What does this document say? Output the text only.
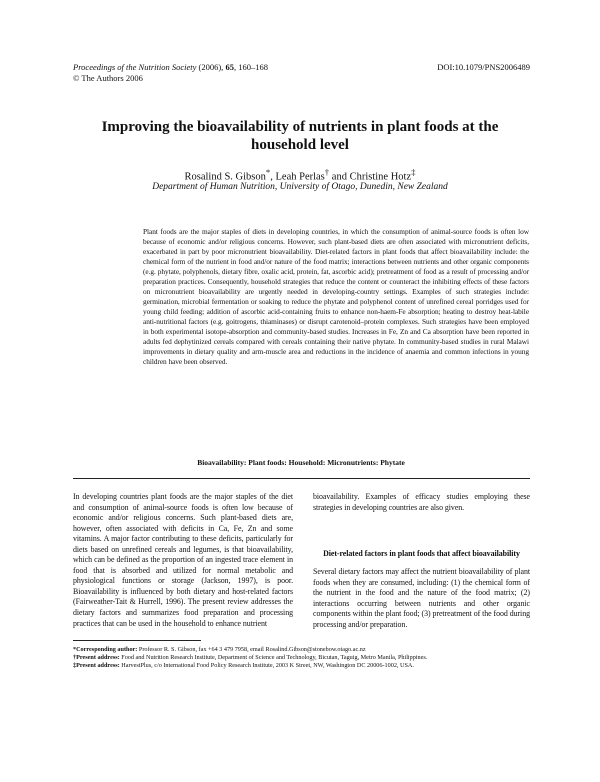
Proceedings of the Nutrition Society (2006), 65, 160–168
© The Authors 2006
DOI:10.1079/PNS2006489
Improving the bioavailability of nutrients in plant foods at the household level
Rosalind S. Gibson*, Leah Perlas† and Christine Hotz‡
Department of Human Nutrition, University of Otago, Dunedin, New Zealand
Plant foods are the major staples of diets in developing countries, in which the consumption of animal-source foods is often low because of economic and/or religious concerns. However, such plant-based diets are often associated with micronutrient deficits, exacerbated in part by poor micronutrient bioavailability. Diet-related factors in plant foods that affect bioavailability include: the chemical form of the nutrient in food and/or nature of the food matrix; interactions between nutrients and other organic components (e.g. phytate, polyphenols, dietary fibre, oxalic acid, protein, fat, ascorbic acid); pretreatment of food as a result of processing and/or preparation practices. Consequently, household strategies that reduce the content or counteract the inhibiting effects of these factors on micronutrient bioavailability are urgently needed in developing-country settings. Examples of such strategies include: germination, microbial fermentation or soaking to reduce the phytate and polyphenol content of unrefined cereal porridges used for young child feeding; addition of ascorbic acid-containing fruits to enhance non-haem-Fe absorption; heating to destroy heat-labile anti-nutritional factors (e.g. goitrogens, thiaminases) or disrupt carotenoid–protein complexes. Such strategies have been employed in both experimental isotope-absorption and community-based studies. Increases in Fe, Zn and Ca absorption have been reported in adults fed dephytinized cereals compared with cereals containing their native phytate. In community-based studies in rural Malawi improvements in dietary quality and arm-muscle area and reductions in the incidence of anaemia and common infections in young children have been observed.
Bioavailability: Plant foods: Household: Micronutrients: Phytate

In developing countries plant foods are the major staples of the diet and consumption of animal-source foods is often low because of economic and/or religious concerns. Such plant-based diets are, however, often associated with deficits in Ca, Fe, Zn and some vitamins. A major factor contributing to these deficits, particularly for diets based on unrefined cereals and legumes, is that bioavailability, which can be defined as the proportion of an ingested trace element in food that is absorbed and utilized for normal metabolic and physiological functions or storage (Jackson, 1997), is poor. Bioavailability is influenced by both dietary and host-related factors (Fairweather-Tait & Hurrell, 1996). The present review addresses the dietary factors and summarizes food preparation and processing practices that can be used in the household to enhance nutrient

bioavailability. Examples of efficacy studies employing these strategies in developing countries are also given.

Diet-related factors in plant foods that affect bioavailability

Several dietary factors may affect the nutrient bioavailability of plant foods when they are consumed, including: (1) the chemical form of the nutrient in the food and the nature of the food matrix; (2) interactions occurring between nutrients and other organic components within the plant food; (3) pretreatment of the food during processing and/or preparation.

*Corresponding author: Professor R. S. Gibson, fax +64 3 479 7958, email Rosalind.Gibson@stonebow.otago.ac.nz
†Present address: Food and Nutrition Research Institute, Department of Science and Technology, Bicutan, Taguig, Metro Manila, Philippines.
‡Present address: HarvestPlus, c/o International Food Policy Research Institute, 2003 K Street, NW, Washington DC 20006-1002, USA.
